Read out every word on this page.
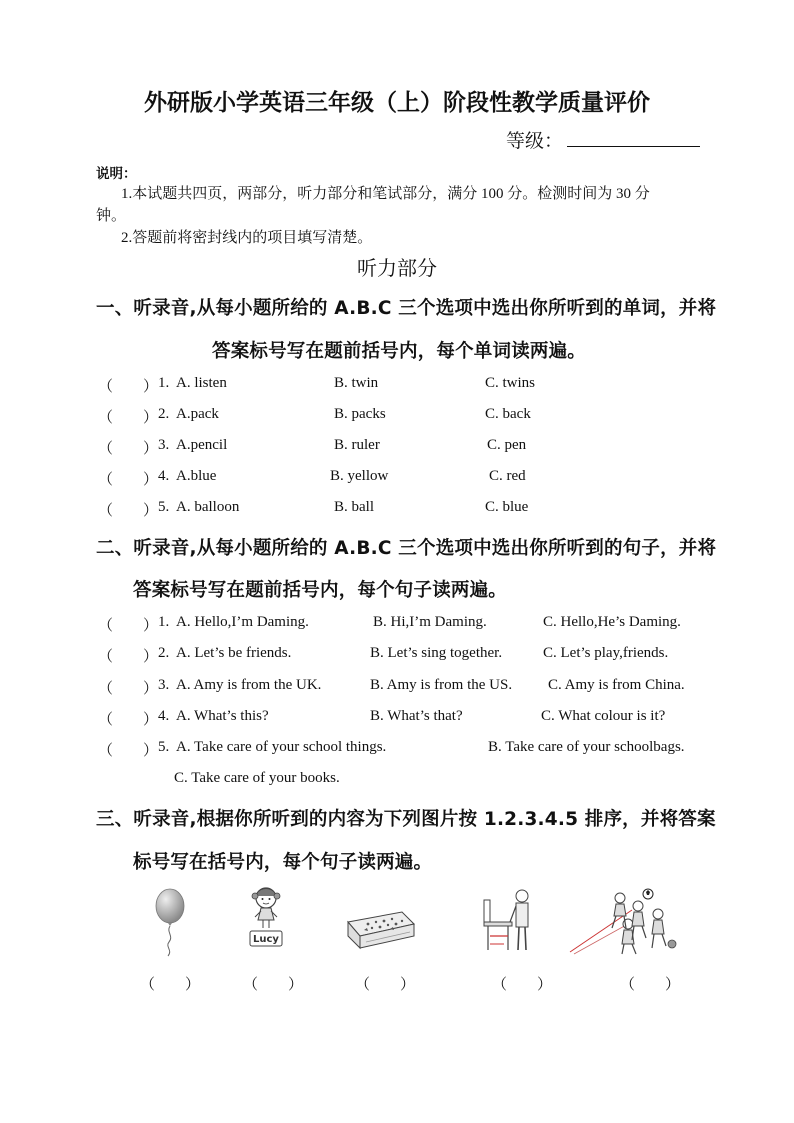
外研版小学英语三年级（上）阶段性教学质量评价
等级：
说明：
1.本试题共四页，两部分，听力部分和笔试部分，满分 100 分。检测时间为 30 分
钟。
2.答题前将密封线内的项目填写清楚。
听力部分
一、听录音,从每小题所给的 A.B.C 三个选项中选出你所听到的单词，并将
答案标号写在题前括号内，每个单词读两遍。
（　　） 1. A. listen	B. twin	C. twins
（　　） 2. A.pack	B. packs	C. back
（　　） 3. A.pencil	B. ruler	C. pen
（　　） 4. A.blue	B. yellow	C. red
（　　） 5. A. balloon	B. ball	C. blue
二、听录音,从每小题所给的 A.B.C 三个选项中选出你所听到的句子，并将
答案标号写在题前括号内，每个句子读两遍。
（　　） 1. A. Hello,I’m Daming.	B. Hi,I’m Daming.	C. Hello,He’s Daming.
（　　） 2. A. Let’s be friends.	B. Let’s sing together.	C. Let’s play,friends.
（　　） 3. A. Amy is from the UK.	B. Amy is from the US. C. Amy is from China.
（　　） 4. A. What’s this?	B. What’s that?	C. What colour is it?
（　　） 5. A. Take care of your school things.	B. Take care of your schoolbags.
C. Take care of your books.
三、听录音,根据你所听到的内容为下列图片按 1.2.3.4.5 排序，并将答案
标号写在括号内，每个句子读两遍。
Lucy
（　　）	（　　）	（　　）	（　　）	（　　）
